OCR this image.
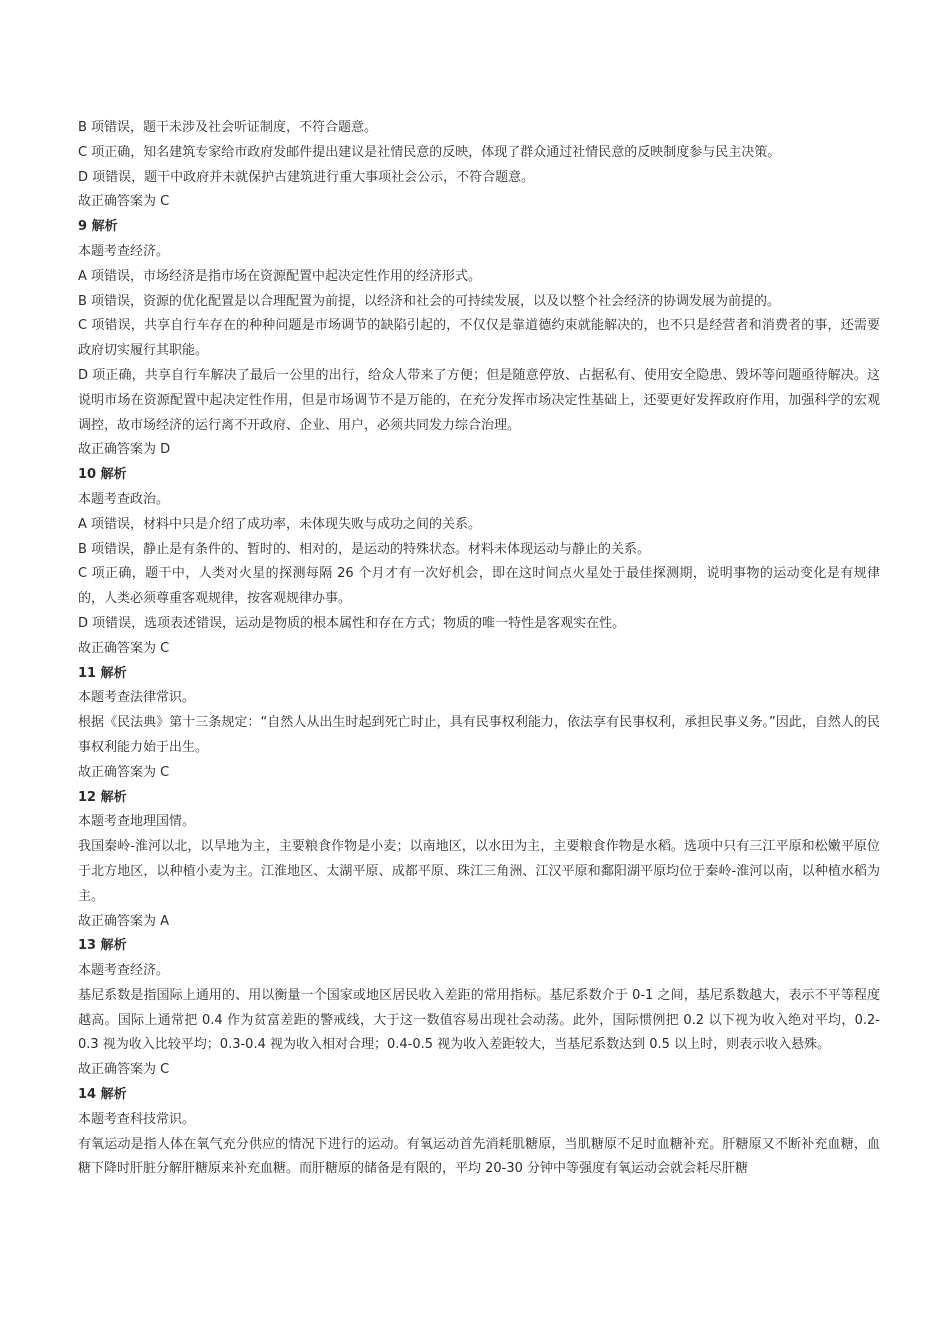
B 项错误，题干未涉及社会听证制度，不符合题意。
C 项正确，知名建筑专家给市政府发邮件提出建议是社情民意的反映，体现了群众通过社情民意的反映制度参与民主决策。
D 项错误，题干中政府并未就保护古建筑进行重大事项社会公示，不符合题意。
故正确答案为 C
9 解析
本题考查经济。
A 项错误，市场经济是指市场在资源配置中起决定性作用的经济形式。
B 项错误，资源的优化配置是以合理配置为前提，以经济和社会的可持续发展，以及以整个社会经济的协调发展为前提的。
C 项错误，共享自行车存在的种种问题是市场调节的缺陷引起的，不仅仅是靠道德约束就能解决的，也不只是经营者和消费者的事，还需要政府切实履行其职能。
D 项正确，共享自行车解决了最后一公里的出行，给众人带来了方便；但是随意停放、占据私有、使用安全隐患、毁坏等问题亟待解决。这说明市场在资源配置中起决定性作用，但是市场调节不是万能的，在充分发挥市场决定性基础上，还要更好发挥政府作用，加强科学的宏观调控，故市场经济的运行离不开政府、企业、用户，必须共同发力综合治理。
故正确答案为 D
10 解析
本题考查政治。
A 项错误，材料中只是介绍了成功率，未体现失败与成功之间的关系。
B 项错误，静止是有条件的、暂时的、相对的，是运动的特殊状态。材料未体现运动与静止的关系。
C 项正确，题干中，人类对火星的探测每隔 26 个月才有一次好机会，即在这时间点火星处于最佳探测期，说明事物的运动变化是有规律的，人类必须尊重客观规律，按客观规律办事。
D 项错误，选项表述错误，运动是物质的根本属性和存在方式；物质的唯一特性是客观实在性。
故正确答案为 C
11 解析
本题考查法律常识。
根据《民法典》第十三条规定：“自然人从出生时起到死亡时止，具有民事权利能力，依法享有民事权利，承担民事义务。”因此，自然人的民事权利能力始于出生。
故正确答案为 C
12 解析
本题考查地理国情。
我国秦岭-淮河以北，以旱地为主，主要粮食作物是小麦；以南地区，以水田为主，主要粮食作物是水稻。选项中只有三江平原和松嫩平原位于北方地区，以种植小麦为主。江淮地区、太湖平原、成都平原、珠江三角洲、江汉平原和鄱阳湖平原均位于秦岭-淮河以南，以种植水稻为主。
故正确答案为 A
13 解析
本题考查经济。
基尼系数是指国际上通用的、用以衡量一个国家或地区居民收入差距的常用指标。基尼系数介于 0-1 之间，基尼系数越大，表示不平等程度越高。国际上通常把 0.4 作为贫富差距的警戒线，大于这一数值容易出现社会动荡。此外，国际惯例把 0.2 以下视为收入绝对平均，0.2-0.3 视为收入比较平均；0.3-0.4 视为收入相对合理；0.4-0.5 视为收入差距较大，当基尼系数达到 0.5 以上时，则表示收入悬殊。
故正确答案为 C
14 解析
本题考查科技常识。
有氧运动是指人体在氧气充分供应的情况下进行的运动。有氧运动首先消耗肌糖原，当肌糖原不足时血糖补充。肝糖原又不断补充血糖，血糖下降时肝脏分解肝糖原来补充血糖。而肝糖原的储备是有限的，平均 20-30 分钟中等强度有氧运动会就会耗尽肝糖
